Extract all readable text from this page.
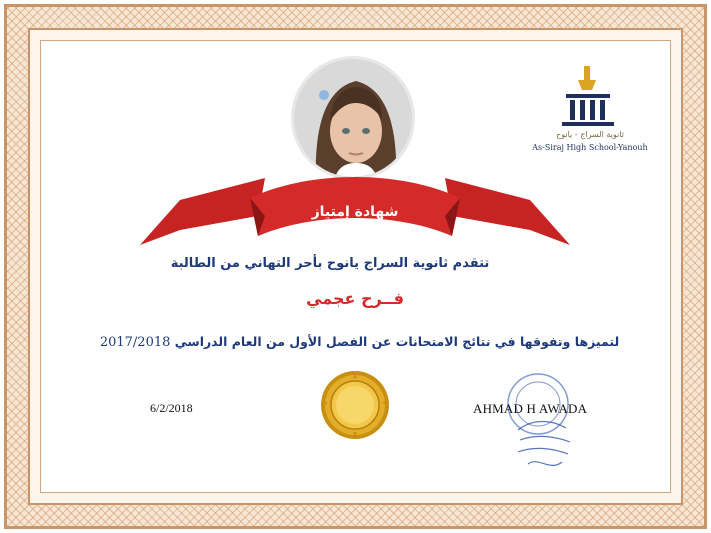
شهادة إمتياز
ثانوية السراج - يانوح
As-Siraj High School-Yanouh
تتقدم ثانوية السراج يانوح بأحر التهاني من الطالبة
فــرح عجمي
لتميزها وتفوقها في نتائج الامتحانات عن الفصل الأول من العام الدراسي 2017/2018
6/2/2018	AHMAD H AWADA
